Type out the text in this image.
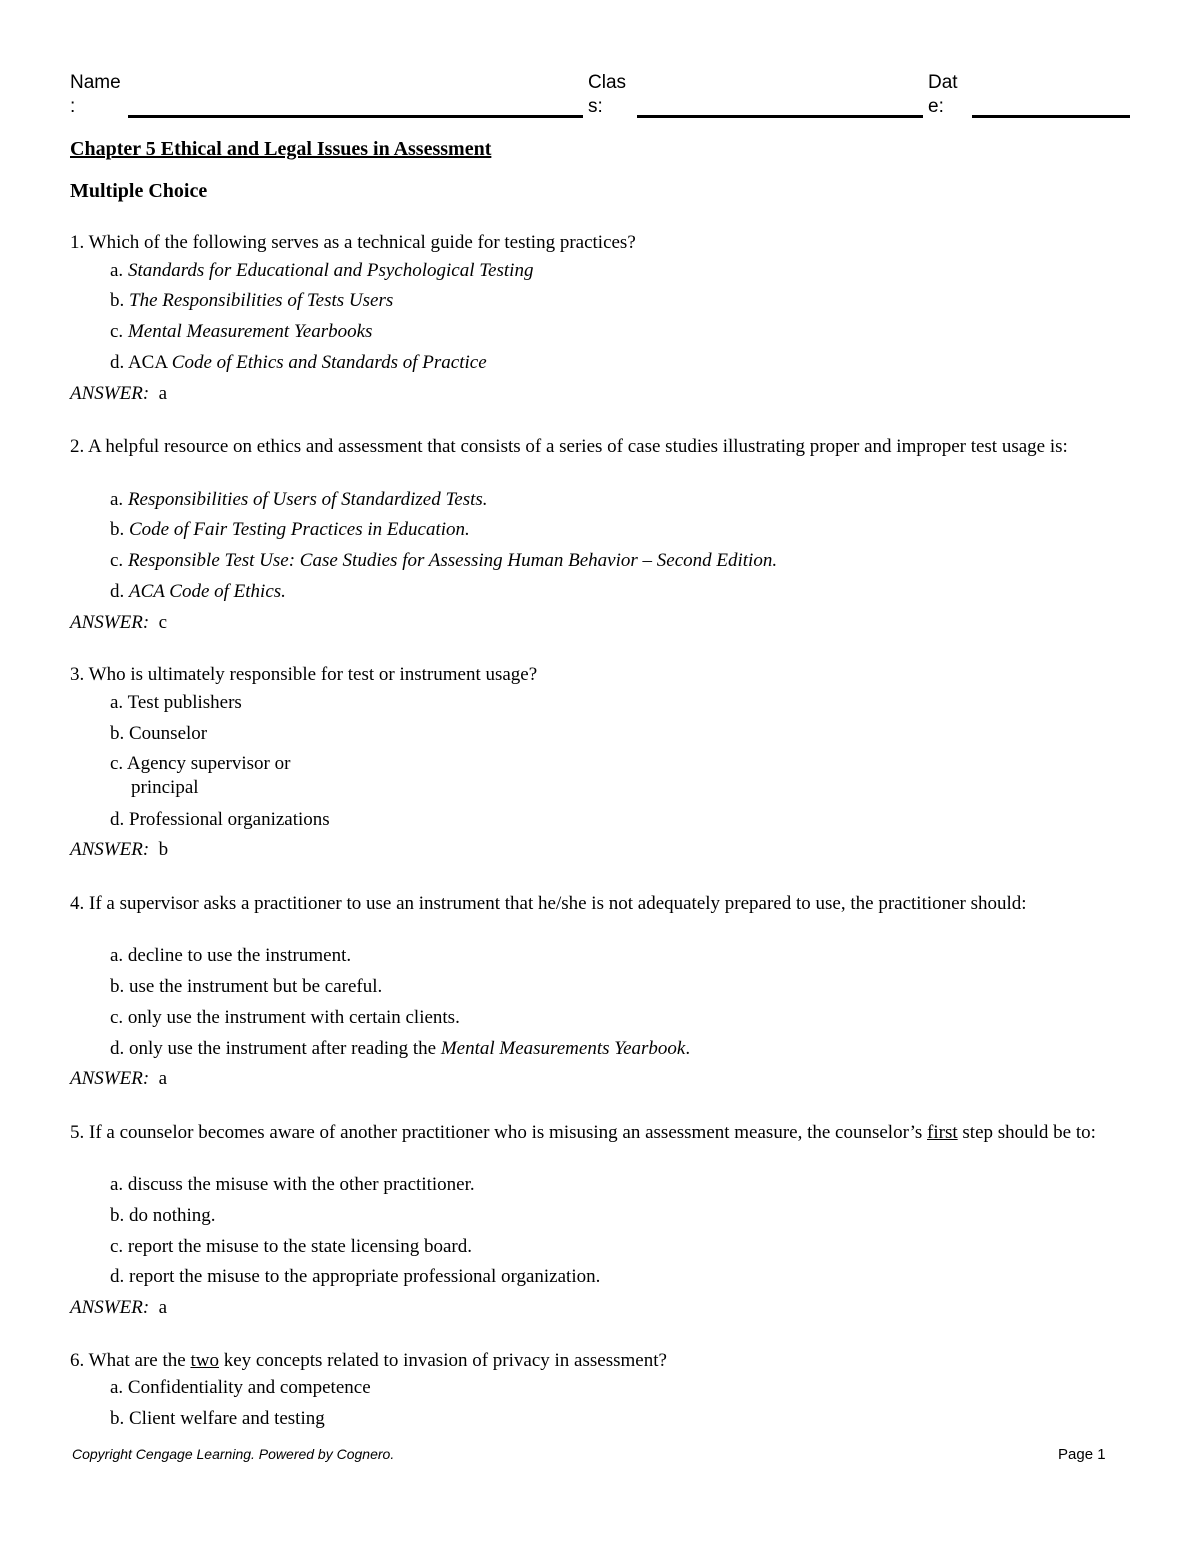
Name
:
Clas
s:
Dat
e:
Chapter 5 Ethical and Legal Issues in Assessment
Multiple Choice
1. Which of the following serves as a technical guide for testing practices?
a. Standards for Educational and Psychological Testing
b. The Responsibilities of Tests Users
c. Mental Measurement Yearbooks
d. ACA Code of Ethics and Standards of Practice
ANSWER: a
2. A helpful resource on ethics and assessment that consists of a series of case studies illustrating proper and improper test usage is:
a. Responsibilities of Users of Standardized Tests.
b. Code of Fair Testing Practices in Education.
c. Responsible Test Use: Case Studies for Assessing Human Behavior – Second Edition.
d. ACA Code of Ethics.
ANSWER: c
3. Who is ultimately responsible for test or instrument usage?
a. Test publishers
b. Counselor
c. Agency supervisor or principal
d. Professional organizations
ANSWER: b
4. If a supervisor asks a practitioner to use an instrument that he/she is not adequately prepared to use, the practitioner should:
a. decline to use the instrument.
b. use the instrument but be careful.
c. only use the instrument with certain clients.
d. only use the instrument after reading the Mental Measurements Yearbook.
ANSWER: a
5. If a counselor becomes aware of another practitioner who is misusing an assessment measure, the counselor’s first step should be to:
a. discuss the misuse with the other practitioner.
b. do nothing.
c. report the misuse to the state licensing board.
d. report the misuse to the appropriate professional organization.
ANSWER: a
6. What are the two key concepts related to invasion of privacy in assessment?
a. Confidentiality and competence
b. Client welfare and testing
Copyright Cengage Learning. Powered by Cognero.	Page 1
